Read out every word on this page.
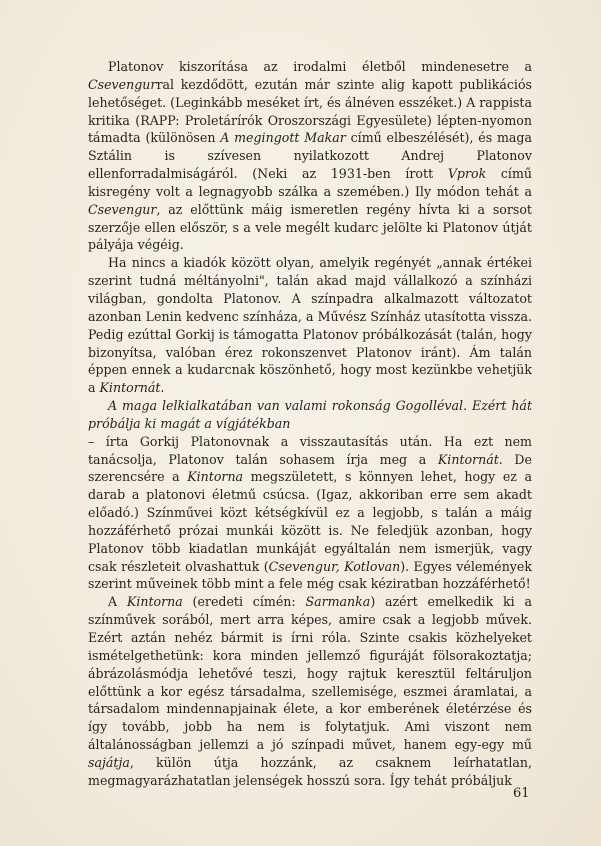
Platonov kiszorítása az irodalmi életből mindenesetre a Csevengurral kezdődött, ezután már szinte alig kapott publikációs lehetőséget. (Leginkább meséket írt, és álnéven esszéket.) A rappista kritika (RAPP: Proletárírók Oroszországi Egyesülete) lépten-nyomon támadta (különösen A megingott Makar című elbeszélését), és maga Sztálin is szívesen nyilatkozott Andrej Platonov ellenforradalmiságáról. (Neki az 1931-ben írott Vprok című kisregény volt a legnagyobb szálka a szemében.) Ily módon tehát a Csevengur, az előttünk máig ismeretlen regény hívta ki a sorsot szerzője ellen először, s a vele megélt kudarc jelölte ki Platonov útját pályája végéig.

Ha nincs a kiadók között olyan, amelyik regényét „annak értékei szerint tudná méltányolni", talán akad majd vállalkozó a színházi világban, gondolta Platonov. A színpadra alkalmazott változatot azonban Lenin kedvenc színháza, a Művész Színház utasította vissza. Pedig ezúttal Gorkij is támogatta Platonov próbálkozását (talán, hogy bizonyítsa, valóban érez rokonszenvet Platonov iránt). Ám talán éppen ennek a kudarcnak köszönhető, hogy most kezünkbe vehetjük a Kintornát.

A maga lelkialkatában van valami rokonság Gogolléval. Ezért hát próbálja ki magát a vígjátékban

– írta Gorkij Platonovnak a visszautasítás után. Ha ezt nem tanácsolja, Platonov talán sohasem írja meg a Kintornát. De szerencsére a Kintorna megszületett, s könnyen lehet, hogy ez a darab a platonovi életmű csúcsa. (Igaz, akkoriban erre sem akadt előadó.) Színművei közt kétségkívül ez a legjobb, s talán a máig hozzáférhető prózai munkái között is. Ne feledjük azonban, hogy Platonov több kiadatlan munkáját egyáltalán nem ismerjük, vagy csak részleteit olvashattuk (Csevengur, Kotlovan). Egyes vélemények szerint műveinek több mint a fele még csak kéziratban hozzáférhető!

A Kintorna (eredeti címén: Sarmanka) azért emelkedik ki a színművek sorából, mert arra képes, amire csak a legjobb művek. Ezért aztán nehéz bármit is írni róla. Szinte csakis közhelyeket ismételgethetünk: kora minden jellemző figuráját fölsorakoztatja; ábrázolásmódja lehetővé teszi, hogy rajtuk keresztül feltáruljon előttünk a kor egész társadalma, szellemisége, eszmei áramlatai, a társadalom mindennapjainak élete, a kor emberének életérzése és így tovább, jobb ha nem is folytatjuk. Ami viszont nem általánosságban jellemzi a jó színpadi művet, hanem egy-egy mű sajátja, külön útja hozzánk, az csaknem leírhatatlan, megmagyarázhatatlan jelenségek hosszú sora. Így tehát próbáljuk

61
